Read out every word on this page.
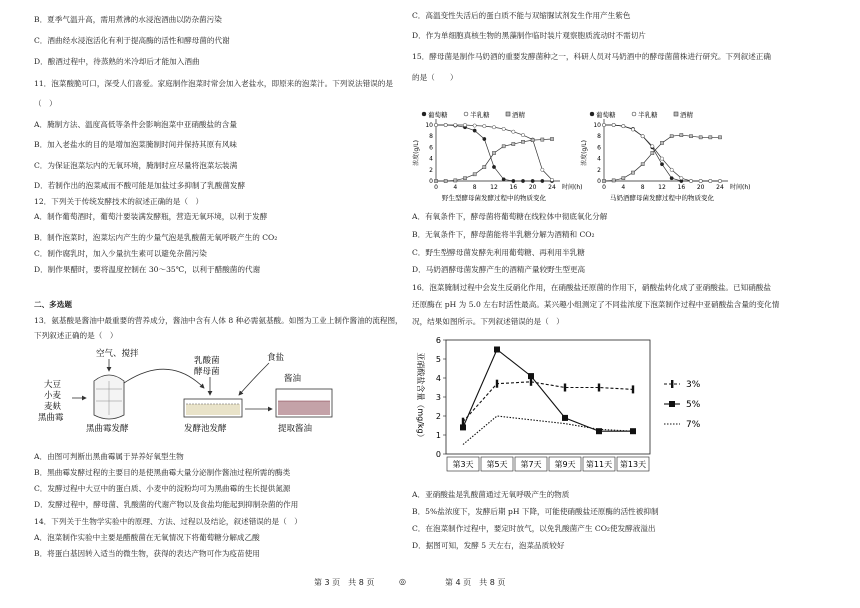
B．夏季气温升高，需用煮沸的水浸泡酒曲以防杂菌污染
C．酒曲经水浸泡活化有利于提高酶的活性和酵母菌的代谢
D．酿酒过程中，待蒸熟的米冷却后才能加入酒曲
11．泡菜酸脆可口，深受人们喜爱。家庭制作泡菜时常会加入老盐水，即原来的泡菜汁。下列说法错误的是
（　）
A．腌制方法、温度高低等条件会影响泡菜中亚硝酸盐的含量
B．加入老盐水的目的是增加泡菜腌制时间并保持其原有风味
C．为保证泡菜坛内的无氧环境，腌制时应尽量将泡菜坛装满
D．若制作出的泡菜咸而不酸可能是加盐过多抑制了乳酸菌发酵
12．下列关于传统发酵技术的叙述正确的是（　）
A．制作葡萄酒时，葡萄汁要装满发酵瓶，营造无氧环境，以利于发酵
B．制作泡菜时，泡菜坛内产生的少量气泡是乳酸菌无氧呼吸产生的 CO₂
C．制作腐乳时，加入少量抗生素可以避免杂菌污染
D．制作果醋时，要将温度控制在 30～35℃，以利于醋酸菌的代谢
二、多选题
13．氨基酸是酱油中最重要的营养成分，酱油中含有人体 8 种必需氨基酸。如图为工业上制作酱油的流程图，
下列叙述正确的是（　）
空气、搅拌
大豆
小麦
麦麸
黑曲霉
黑曲霉发酵
乳酸菌
酵母菌
食盐
发酵池发酵
酱油
提取酱油
A．由图可判断出黑曲霉属于异养好氧型生物
B．黑曲霉发酵过程的主要目的是使黑曲霉大量分泌制作酱油过程所需的酶类
C．发酵过程中大豆中的蛋白质、小麦中的淀粉均可为黑曲霉的生长提供氮源
D．发酵过程中，酵母菌、乳酸菌的代谢产物以及食盐均能起到抑制杂菌的作用
14．下列关于生物学实验中的原理、方法、过程以及结论，叙述错误的是（　）
A．泡菜制作实验中主要是醋酸菌在无氧情况下将葡萄糖分解成乙酸
B．将蛋白基因转入适当的微生物，获得的表达产物可作为疫苗使用
C．高温变性失活后的蛋白质不能与双缩脲试剂发生作用产生紫色
D．作为单细胞真核生物的黑藻制作临时装片观察胞质流动时不需切片
15．酵母菌是制作马奶酒的重要发酵菌种之一，科研人员对马奶酒中的酵母菌菌株进行研究。下列叙述正确
的是（　　）
葡萄糖	半乳糖	酒精
0
2
4
6
8
10
0	4	8 12 16 20 24 时间(h)
浓度(g/L)
野生型酵母菌发酵过程中的物质变化
葡萄糖	半乳糖	酒精
0
2
4
6
8
10
0	4	8 12 16 20 24 时间(h)
浓度(g/L)
马奶酒酵母菌发酵过程中的物质变化
A．有氧条件下，酵母菌将葡萄糖在线粒体中彻底氧化分解
B．无氧条件下，酵母菌能将半乳糖分解为酒精和 CO₂
C．野生型酵母菌发酵先利用葡萄糖、再利用半乳糖
D．马奶酒酵母菌发酵产生的酒精产量较野生型更高
16．泡菜腌制过程中会发生反硝化作用，在硝酸盐还原菌的作用下，硝酸盐转化成了亚硝酸盐。已知硝酸盐
还原酶在 pH 为 5.0 左右时活性最高。某兴趣小组测定了不同盐浓度下泡菜制作过程中亚硝酸盐含量的变化情
况，结果如图所示。下列叙述错误的是（　）
0
1
2
3
4
5
6
第3天 第5天 第7天 第9天 第11天 第13天
亚硝酸盐含量（mg/kg）	3%
5%
7%
A．亚硝酸盐是乳酸菌通过无氧呼吸产生的物质
B．5%盐浓度下，发酵后期 pH 下降，可能使硝酸盐还原酶的活性被抑制
C．在泡菜制作过程中，要定时放气，以免乳酸菌产生 CO₂使发酵液溢出
D．据图可知，发酵 5 天左右，泡菜品质较好
第 3 页　共 8 页	◎	第 4 页　共 8 页
